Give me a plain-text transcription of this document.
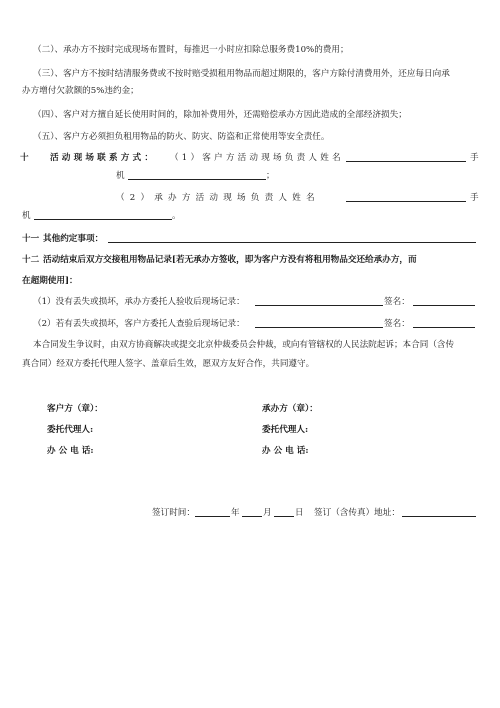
（二）、承办方不按时完成现场布置时，每推迟一小时应扣除总服务费10%的费用；
（三）、客户方不按时结清服务费或不按时赔受损租用物品而超过期限的，客户方除付清费用外，还应每日向承
办方增付欠款额的5%违约金；
（四）、客户对方擅自延长使用时间的，除加补费用外，还需赔偿承办方因此造成的全部经济损失；
（五）、客户方必须担负租用物品的防火、防灾、防盗和正常使用等安全责任。
十 活动现场联系方式： （1）客户方活动现场负责人姓名	手
机	；
（2）承办方活动现场负责人姓名	手
机	。
十一 其他约定事项：
十二 活动结束后双方交接租用物品记录[若无承办方签收，即为客户方没有将租用物品交还给承办方，而
在超期使用]：
（1）没有丢失或损坏，承办方委托人验收后现场记录：	签名：
（2）若有丢失或损坏，客户方委托人查验后现场记录：	签名：
本合同发生争议时，由双方协商解决或提交北京仲裁委员会仲裁，或向有管辖权的人民法院起诉；本合同（含传
真合同）经双方委托代理人签字、盖章后生效，愿双方友好合作，共同遵守。
客户方（章）：	承办方（章）：
委托代理人:	委托代理人:
办 公 电 话:	办 公 电 话:
签订时间：	年	月	日 签订（含传真）地址：
